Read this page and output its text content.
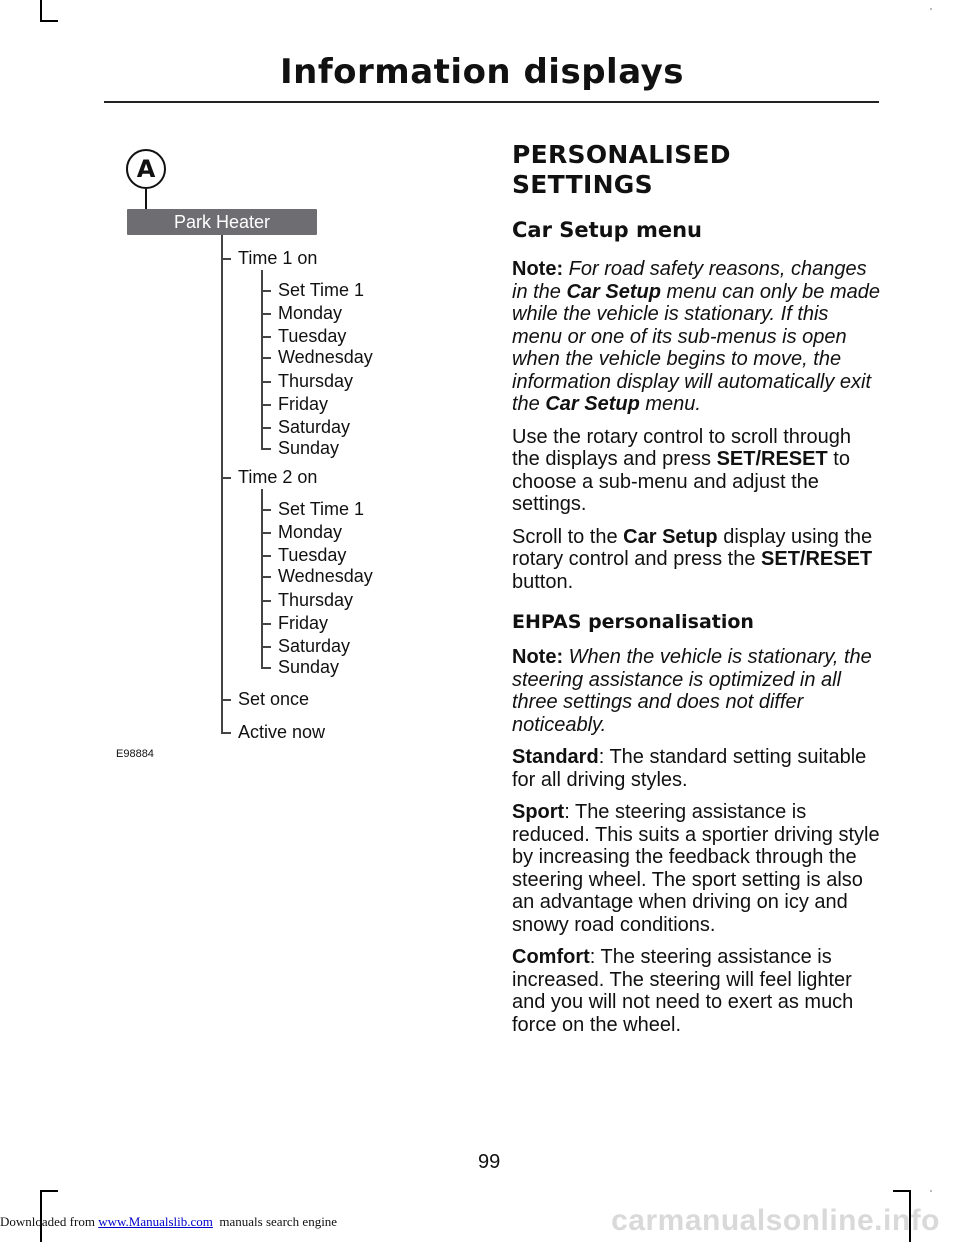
Information displays
A
Park Heater
Time 1 on
Set Time 1
Monday
Tuesday
Wednesday
Thursday
Friday
Saturday
Sunday
Time 2 on
Set Time 1
Monday
Tuesday
Wednesday
Thursday
Friday
Saturday
Sunday
Set once
Active now
E98884
PERSONALISED
SETTINGS
Car Setup menu

Note: For road safety reasons, changes in the Car Setup menu can only be made while the vehicle is stationary. If this menu or one of its sub-menus is open when the vehicle begins to move, the information display will automatically exit the Car Setup menu.

Use the rotary control to scroll through the displays and press SET/RESET to choose a sub-menu and adjust the settings.

Scroll to the Car Setup display using the rotary control and press the SET/RESET button.

EHPAS personalisation

Note: When the vehicle is stationary, the steering assistance is optimized in all three settings and does not differ noticeably.

Standard: The standard setting suitable for all driving styles.

Sport: The steering assistance is reduced. This suits a sportier driving style by increasing the feedback through the steering wheel. The sport setting is also an advantage when driving on icy and snowy road conditions.

Comfort: The steering assistance is increased. The steering will feel lighter and you will not need to exert as much force on the wheel.

99
Downloaded from www.Manualslib.com  manuals search engine	carmanualsonline.info
